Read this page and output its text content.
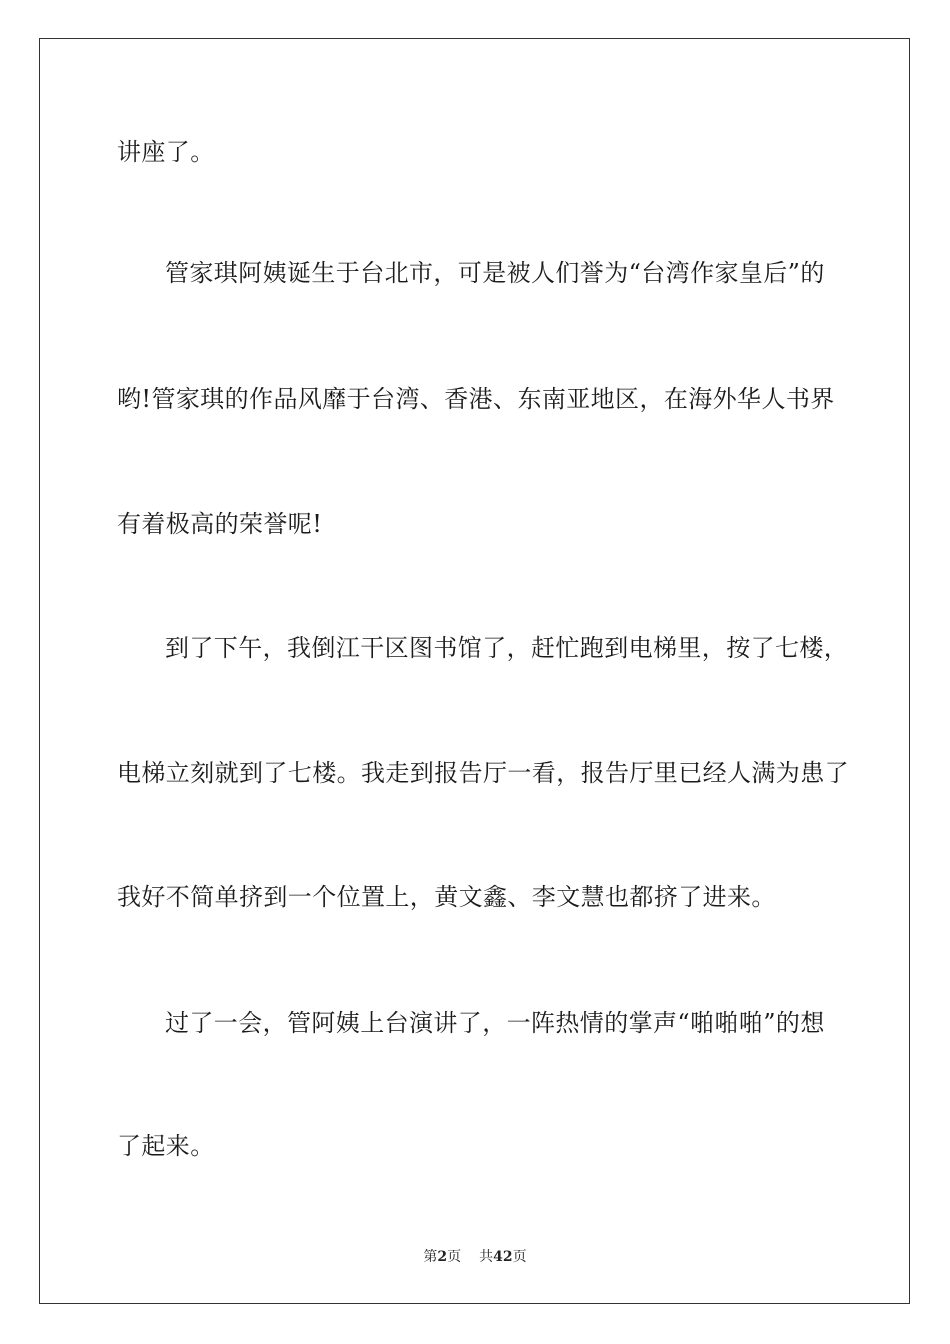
讲座了。
管家琪阿姨诞生于台北市，可是被人们誉为“台湾作家皇后”的
哟!管家琪的作品风靡于台湾、香港、东南亚地区，在海外华人书界
有着极高的荣誉呢!
到了下午，我倒江干区图书馆了，赶忙跑到电梯里，按了七楼，
电梯立刻就到了七楼。我走到报告厅一看，报告厅里已经人满为患了
我好不简单挤到一个位置上，黄文鑫、李文慧也都挤了进来。
过了一会，管阿姨上台演讲了，一阵热情的掌声“啪啪啪”的想
了起来。
第2页 共42页
